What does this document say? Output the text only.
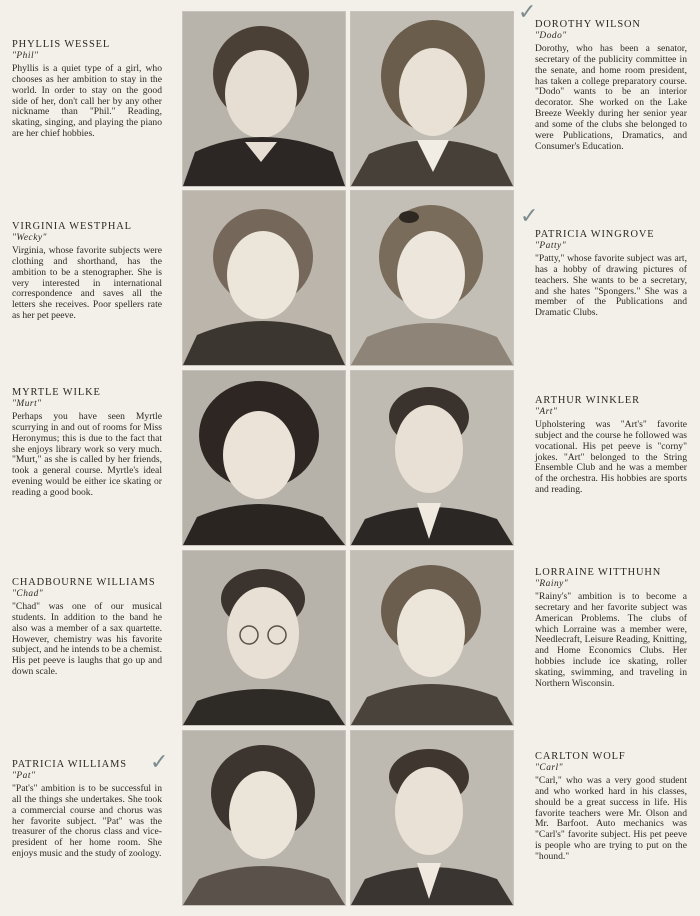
PHYLLIS WESSEL

"Phil"

Phyllis is a quiet type of a girl, who chooses as her ambition to stay in the world. In order to stay on the good side of her, don't call her by any other nickname than "Phil." Reading, skating, singing, and playing the piano are her chief hobbies.

DOROTHY WILSON

"Dodo"

Dorothy, who has been a senator, secretary of the publicity committee in the senate, and home room president, has taken a college preparatory course. "Dodo" wants to be an interior decorator. She worked on the Lake Breeze Weekly during her senior year and some of the clubs she belonged to were Publications, Dramatics, and Consumer's Education.

VIRGINIA WESTPHAL

"Wecky"

Virginia, whose favorite subjects were clothing and shorthand, has the ambition to be a stenographer. She is very interested in international correspondence and saves all the letters she receives. Poor spellers rate as her pet peeve.

PATRICIA WINGROVE

"Patty"

"Patty," whose favorite subject was art, has a hobby of drawing pictures of teachers. She wants to be a secretary, and she hates "Spongers." She was a member of the Publications and Dramatic Clubs.

MYRTLE WILKE

"Murt"

Perhaps you have seen Myrtle scurrying in and out of rooms for Miss Heronymus; this is due to the fact that she enjoys library work so very much. "Murt," as she is called by her friends, took a general course. Myrtle's ideal evening would be either ice skating or reading a good book.

ARTHUR WINKLER

"Art"

Upholstering was "Art's" favorite subject and the course he followed was vocational. His pet peeve is "corny" jokes. "Art" belonged to the String Ensemble Club and he was a member of the orchestra. His hobbies are sports and reading.

CHADBOURNE WILLIAMS

"Chad"

"Chad" was one of our musical students. In addition to the band he also was a member of a sax quartette. However, chemistry was his favorite subject, and he intends to be a chemist. His pet peeve is laughs that go up and down scale.

LORRAINE WITTHUHN

"Rainy"

"Rainy's" ambition is to become a secretary and her favorite subject was American Problems. The clubs of which Lorraine was a member were, Needlecraft, Leisure Reading, Knitting, and Home Economics Clubs. Her hobbies include ice skating, roller skating, swimming, and traveling in Northern Wisconsin.

PATRICIA WILLIAMS

"Pat"

"Pat's" ambition is to be successful in all the things she undertakes. She took a commercial course and chorus was her favorite subject. "Pat" was the treasurer of the chorus class and vice-president of her home room. She enjoys music and the study of zoology.

CARLTON WOLF

"Carl"

"Carl," who was a very good student and who worked hard in his classes, should be a great success in life. His favorite teachers were Mr. Olson and Mr. Barfoot. Auto mechanics was "Carl's" favorite subject. His pet peeve is people who are trying to put on the "hound."

✓
✓
✓
